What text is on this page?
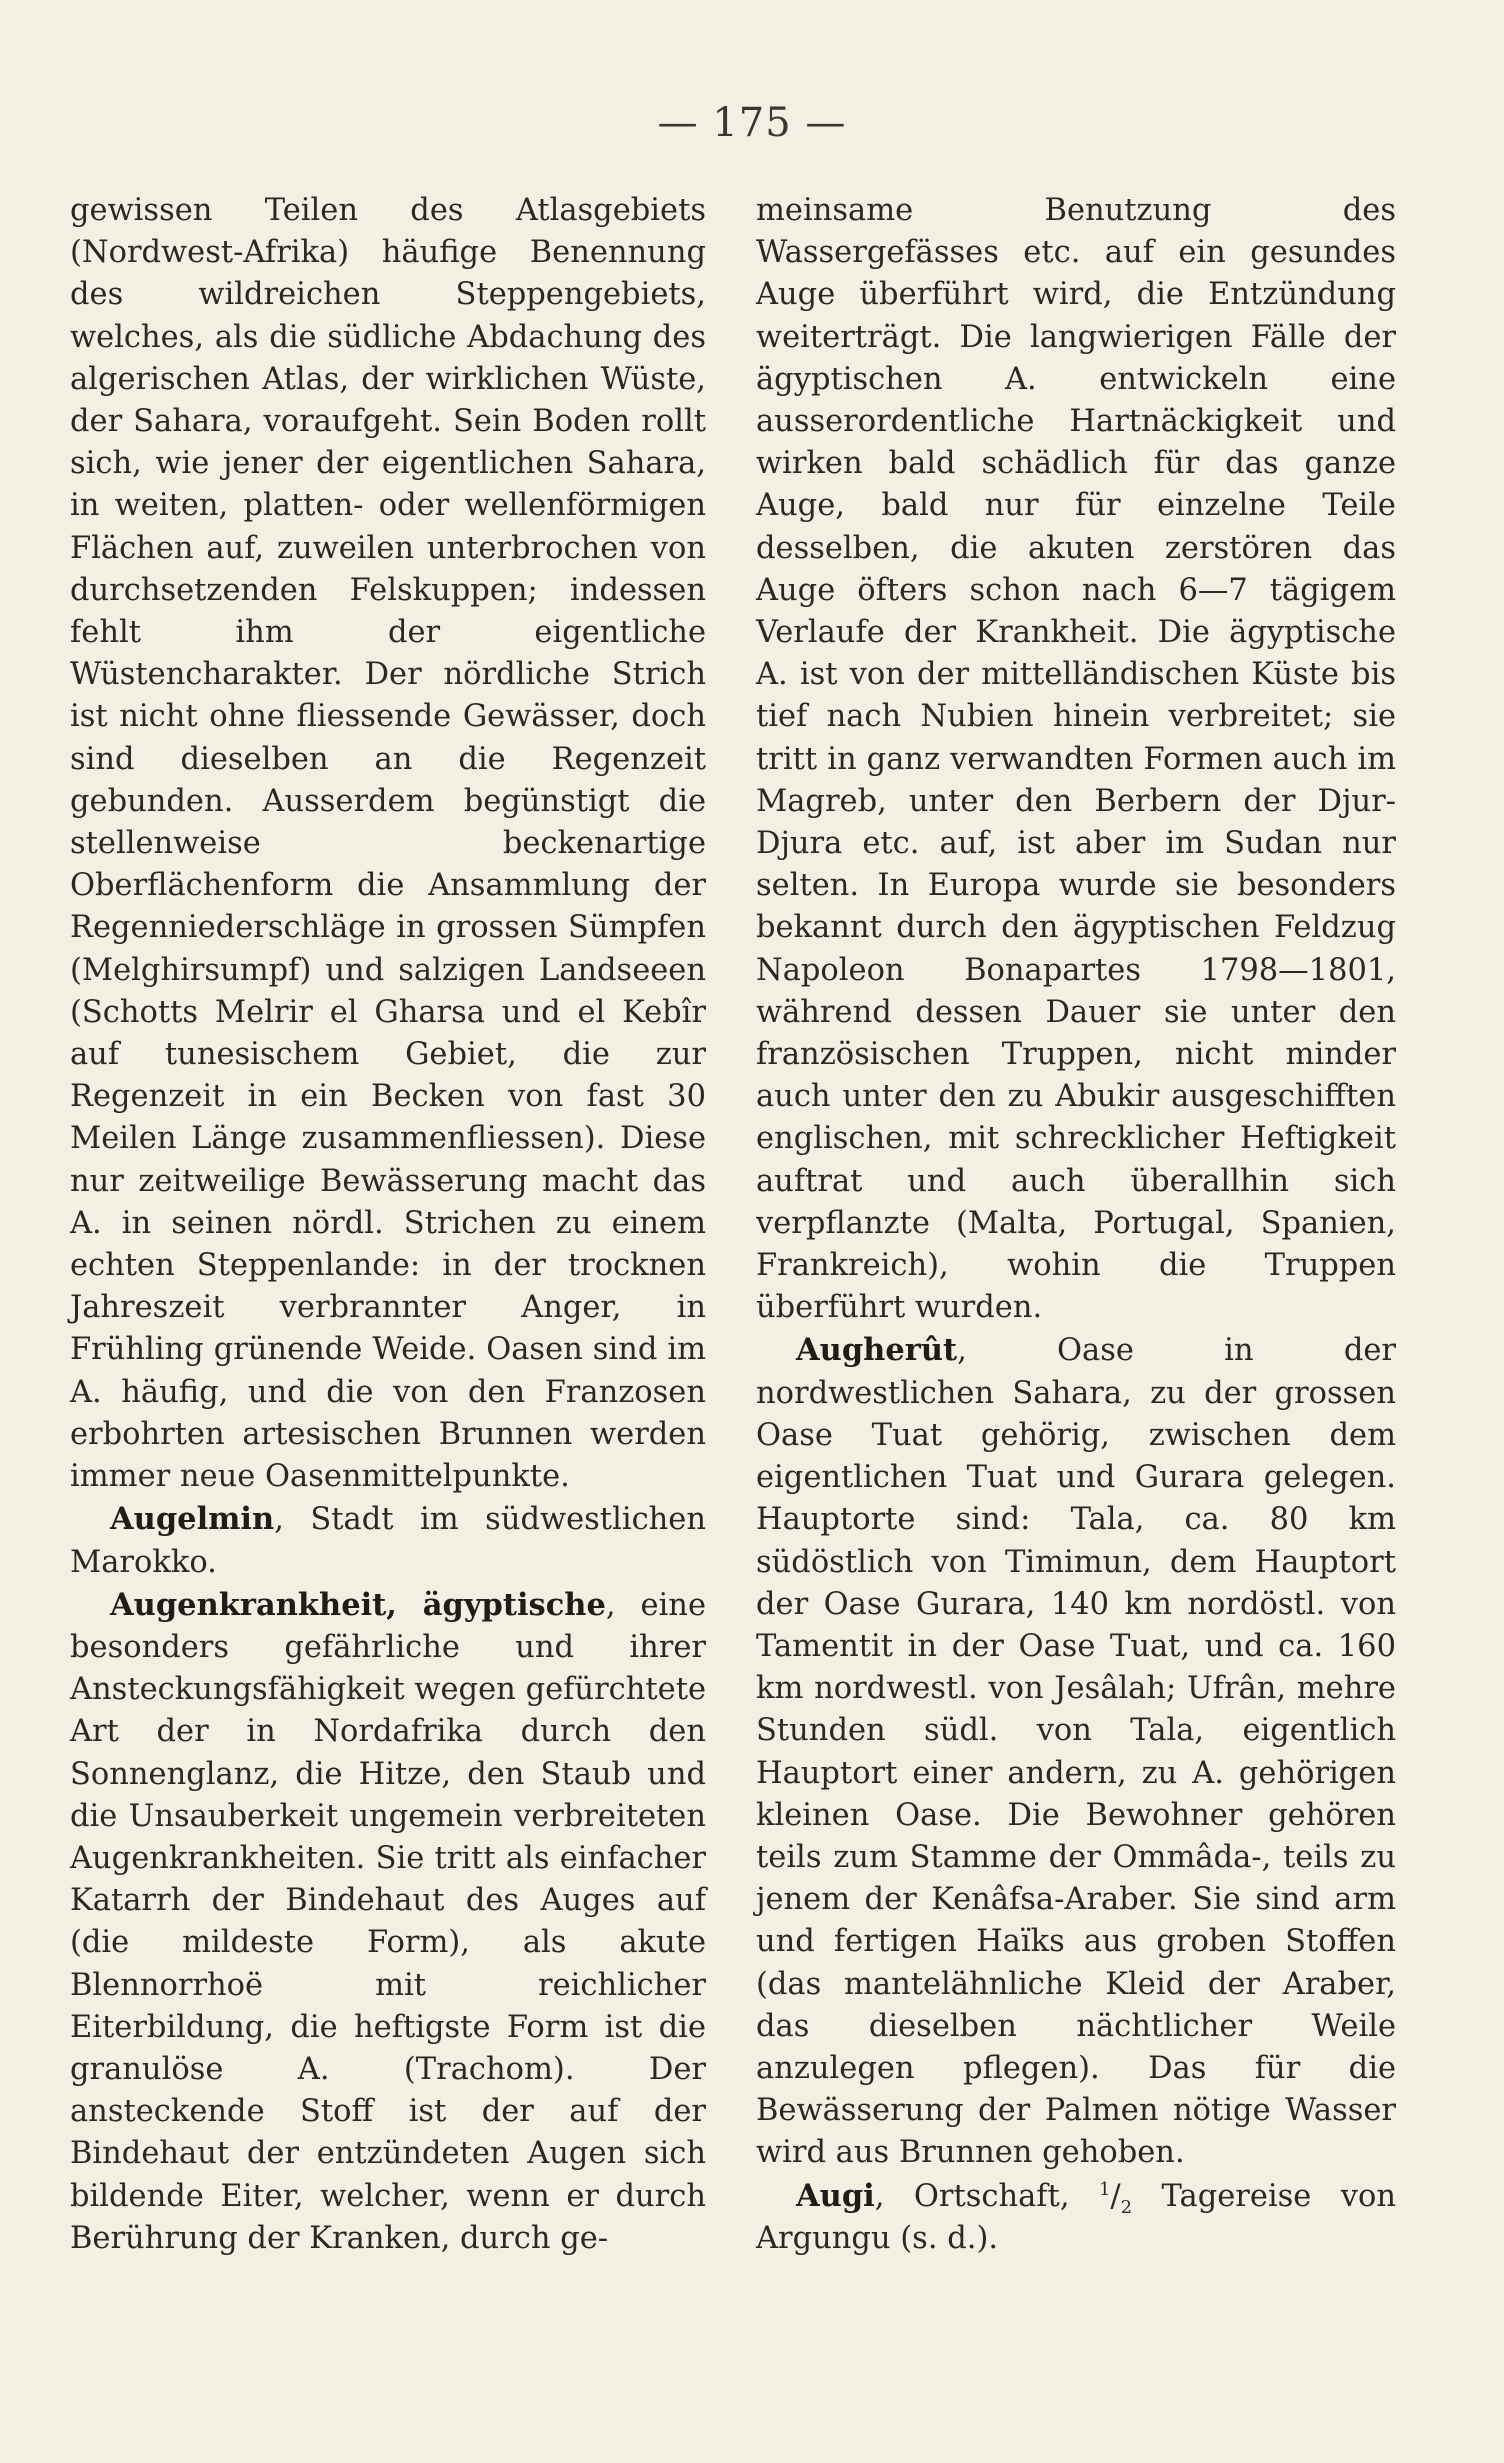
— 175 —

gewissen Teilen des Atlasgebiets (Nordwest-Afrika) häufige Benennung des wildreichen Steppengebiets, welches, als die südliche Abdachung des algerischen Atlas, der wirklichen Wüste, der Sahara, voraufgeht. Sein Boden rollt sich, wie jener der eigentlichen Sahara, in weiten, platten- oder wellenförmigen Flächen auf, zuweilen unterbrochen von durchsetzenden Felskuppen; indessen fehlt ihm der eigentliche Wüstencharakter. Der nördliche Strich ist nicht ohne fliessende Gewässer, doch sind dieselben an die Regenzeit gebunden. Ausserdem begünstigt die stellenweise beckenartige Oberflächenform die Ansammlung der Regenniederschläge in grossen Sümpfen (Melghirsumpf) und salzigen Landseeen (Schotts Melrir el Gharsa und el Kebîr auf tunesischem Gebiet, die zur Regenzeit in ein Becken von fast 30 Meilen Länge zusammenfliessen). Diese nur zeitweilige Bewässerung macht das A. in seinen nördl. Strichen zu einem echten Steppenlande: in der trocknen Jahreszeit verbrannter Anger, in Frühling grünende Weide. Oasen sind im A. häufig, und die von den Franzosen erbohrten artesischen Brunnen werden immer neue Oasenmittelpunkte.

Augelmin, Stadt im südwestlichen Marokko.

Augenkrankheit, ägyptische, eine besonders gefährliche und ihrer Ansteckungsfähigkeit wegen gefürchtete Art der in Nordafrika durch den Sonnenglanz, die Hitze, den Staub und die Unsauberkeit ungemein verbreiteten Augenkrankheiten. Sie tritt als einfacher Katarrh der Bindehaut des Auges auf (die mildeste Form), als akute Blennorrhoë mit reichlicher Eiterbildung, die heftigste Form ist die granulöse A. (Trachom). Der ansteckende Stoff ist der auf der Bindehaut der entzündeten Augen sich bildende Eiter, welcher, wenn er durch Berührung der Kranken, durch ge-

meinsame Benutzung des Wassergefässes etc. auf ein gesundes Auge überführt wird, die Entzündung weiterträgt. Die langwierigen Fälle der ägyptischen A. entwickeln eine ausserordentliche Hartnäckigkeit und wirken bald schädlich für das ganze Auge, bald nur für einzelne Teile desselben, die akuten zerstören das Auge öfters schon nach 6—7 tägigem Verlaufe der Krankheit. Die ägyptische A. ist von der mittelländischen Küste bis tief nach Nubien hinein verbreitet; sie tritt in ganz verwandten Formen auch im Magreb, unter den Berbern der Djur-Djura etc. auf, ist aber im Sudan nur selten. In Europa wurde sie besonders bekannt durch den ägyptischen Feldzug Napoleon Bonapartes 1798—1801, während dessen Dauer sie unter den französischen Truppen, nicht minder auch unter den zu Abukir ausgeschifften englischen, mit schrecklicher Heftigkeit auftrat und auch überallhin sich verpflanzte (Malta, Portugal, Spanien, Frankreich), wohin die Truppen überführt wurden.

Augherût, Oase in der nordwestlichen Sahara, zu der grossen Oase Tuat gehörig, zwischen dem eigentlichen Tuat und Gurara gelegen. Hauptorte sind: Tala, ca. 80 km südöstlich von Timimun, dem Hauptort der Oase Gurara, 140 km nordöstl. von Tamentit in der Oase Tuat, und ca. 160 km nordwestl. von Jesâlah; Ufrân, mehre Stunden südl. von Tala, eigentlich Hauptort einer andern, zu A. gehörigen kleinen Oase. Die Bewohner gehören teils zum Stamme der Ommâda-, teils zu jenem der Kenâfsa-Araber. Sie sind arm und fertigen Haïks aus groben Stoffen (das mantelähnliche Kleid der Araber, das dieselben nächtlicher Weile anzulegen pflegen). Das für die Bewässerung der Palmen nötige Wasser wird aus Brunnen gehoben.

Augi, Ortschaft, $^1/_2$ Tagereise von Argungu (s. d.).
